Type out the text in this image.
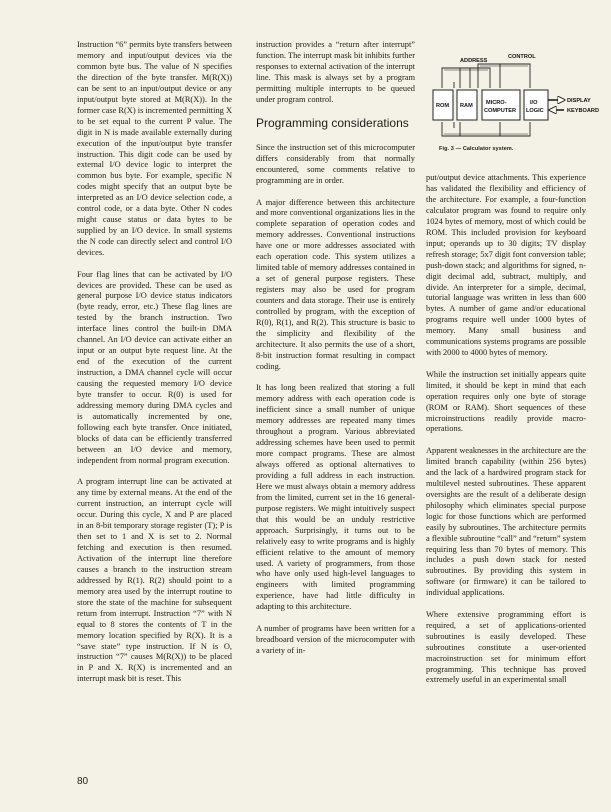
Instruction “6” permits byte transfers between memory and input/output devices via the common byte bus. The value of N specifies the direction of the byte transfer. M(R(X)) can be sent to an input/output device or any input/output byte stored at M(R(X)). In the former case R(X) is incremented permitting X to be set equal to the current P value. The digit in N is made available externally during execution of the input/output byte transfer instruction. This digit code can be used by external I/O device logic to interpret the common bus byte. For example, specific N codes might specify that an output byte be interpreted as an I/O device selection code, a control code, or a data byte. Other N codes might cause status or data bytes to be supplied by an I/O device. In small systems the N code can directly select and control I/O devices.

Four flag lines that can be activated by I/O devices are provided. These can be used as general purpose I/O device status indicators (byte ready, error, etc.) These flag lines are tested by the branch instruction. Two interface lines control the built-in DMA channel. An I/O device can activate either an input or an output byte request line. At the end of the execution of the current instruction, a DMA channel cycle will occur causing the requested memory I/O device byte transfer to occur. R(0) is used for addressing memory during DMA cycles and is automatically incremented by one, following each byte transfer. Once initiated, blocks of data can be efficiently transferred between an I/O device and memory, independent from normal program execution.

A program interrupt line can be activated at any time by external means. At the end of the current instruction, an interrupt cycle will occur. During this cycle, X and P are placed in an 8-bit temporary storage register (T); P is then set to 1 and X is set to 2. Normal fetching and execution is then resumed. Activation of the interrupt line therefore causes a branch to the instruction stream addressed by R(1). R(2) should point to a memory area used by the interrupt routine to store the state of the machine for subsequent return from interrupt. Instruction “7” with N equal to 8 stores the contents of T in the memory location specified by R(X). It is a “save state” type instruction. If N is O, instruction “7” causes M(R(X)) to be placed in P and X. R(X) is incremented and an interrupt mask bit is reset. This

instruction provides a “return after interrupt” function. The interrupt mask bit inhibits further responses to external activation of the interrupt line. This mask is always set by a program permitting multiple interrupts to be queued under program control.

Programming considerations

Since the instruction set of this microcomputer differs considerably from that normally encountered, some comments relative to programming are in order.

A major difference between this architecture and more conventional organizations lies in the complete separation of operation codes and memory addresses. Conventional instructions have one or more addresses associated with each operation code. This system utilizes a limited table of memory addresses contained in a set of general purpose registers. These registers may also be used for program counters and data storage. Their use is entirely controlled by program, with the exception of R(0), R(1), and R(2). This structure is basic to the simplicity and flexibility of the architecture. It also permits the use of a short, 8-bit instruction format resulting in compact coding.

It has long been realized that storing a full memory address with each operation code is inefficient since a small number of unique memory addresses are repeated many times throughout a program. Various abbreviated addressing schemes have been used to permit more compact programs. These are almost always offered as optional alternatives to providing a full address in each instruction. Here we must always obtain a memory address from the limited, current set in the 16 general-purpose registers. We might intuitively suspect that this would be an unduly restrictive approach. Surprisingly, it turns out to be relatively easy to write programs and is highly efficient relative to the amount of memory used. A variety of programmers, from those who have only used high-level languages to engineers with limited programming experience, have had little difficulty in adapting to this architecture.

A number of programs have been written for a breadboard version of the microcomputer with a variety of in-

ADDRESS
CONTROL
ROM RAM MICRO-
COMPUTER
I/O
LOGIC
DISPLAY
KEYBOARD
Fig. 3 — Calculator system.

put/output device attachments. This experience has validated the flexibility and efficiency of the architecture. For example, a four-function calculator program was found to require only 1024 bytes of memory, most of which could be ROM. This included provision for keyboard input; operands up to 30 digits; TV display refresh storage; 5x7 digit font conversion table; push-down stack; and algorithms for signed, n-digit decimal add, subtract, multiply, and divide. An interpreter for a simple, decimal, tutorial language was written in less than 600 bytes. A number of game and/or educational programs require well under 1000 bytes of memory. Many small business and communications systems programs are possible with 2000 to 4000 bytes of memory.

While the instruction set initially appears quite limited, it should be kept in mind that each operation requires only one byte of storage (ROM or RAM). Short sequences of these microinstructions readily provide macro-operations.

Apparent weaknesses in the architecture are the limited branch capability (within 256 bytes) and the lack of a hardwired program stack for multilevel nested subroutines. These apparent oversights are the result of a deliberate design philosophy which eliminates special purpose logic for those functions which are performed easily by subroutines. The architecture permits a flexible subroutine “call” and “return” system requiring less than 70 bytes of memory. This includes a push down stack for nested subroutines. By providing this system in software (or firmware) it can be tailored to individual applications.

Where extensive programming effort is required, a set of applications-oriented subroutines is easily developed. These subroutines constitute a user-oriented macroinstruction set for minimum effort programming. This technique has proved extremely useful in an experimental small

80
